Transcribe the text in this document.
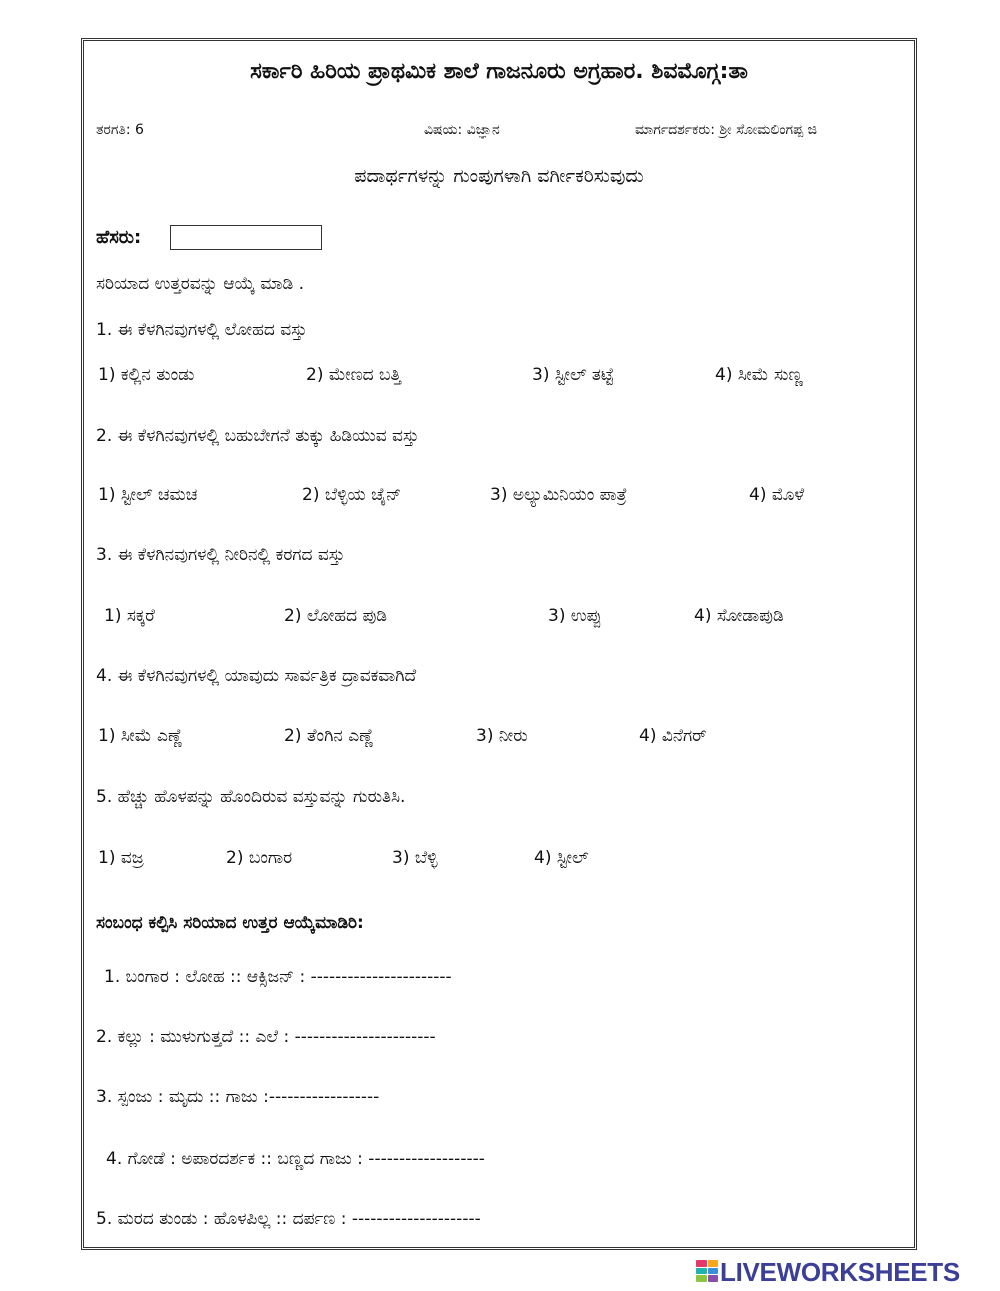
ಸರ್ಕಾರಿ ಹಿರಿಯ ಪ್ರಾಥಮಿಕ ಶಾಲೆ ಗಾಜನೂರು ಅಗ್ರಹಾರ. ಶಿವಮೊಗ್ಗ:ತಾ
ತರಗತಿ: 6	ವಿಷಯ: ವಿಜ್ಞಾನ	ಮಾರ್ಗದರ್ಶಕರು: ಶ್ರೀ ಸೋಮಲಿಂಗಪ್ಪ ಜಿ
ಪದಾರ್ಥಗಳನ್ನು ಗುಂಪುಗಳಾಗಿ ವರ್ಗೀಕರಿಸುವುದು
ಹೆಸರು:
ಸರಿಯಾದ ಉತ್ತರವನ್ನು ಆಯ್ಕೆ ಮಾಡಿ .
1. ಈ ಕೆಳಗಿನವುಗಳಲ್ಲಿ ಲೋಹದ ವಸ್ತು
1) ಕಲ್ಲಿನ ತುಂಡು	2) ಮೇಣದ ಬತ್ತಿ	3) ಸ್ಟೀಲ್ ತಟ್ಟೆ	4) ಸೀಮೆ ಸುಣ್ಣ
2. ಈ ಕೆಳಗಿನವುಗಳಲ್ಲಿ ಬಹುಬೇಗನೆ ತುಕ್ಕು ಹಿಡಿಯುವ ವಸ್ತು
1) ಸ್ಟೀಲ್ ಚಮಚ	2) ಬೆಳ್ಳಿಯ ಚೈನ್	3) ಅಲ್ಯುಮಿನಿಯಂ ಪಾತ್ರೆ	4) ಮೊಳೆ
3. ಈ ಕೆಳಗಿನವುಗಳಲ್ಲಿ ನೀರಿನಲ್ಲಿ ಕರಗದ ವಸ್ತು
1) ಸಕ್ಕರೆ	2) ಲೋಹದ ಪುಡಿ	3) ಉಪ್ಪು	4) ಸೋಡಾಪುಡಿ
4. ಈ ಕೆಳಗಿನವುಗಳಲ್ಲಿ ಯಾವುದು ಸಾರ್ವತ್ರಿಕ ದ್ರಾವಕವಾಗಿದೆ
1) ಸೀಮೆ ಎಣ್ಣೆ	2) ತೆಂಗಿನ ಎಣ್ಣೆ	3) ನೀರು	4) ವಿನೆಗರ್
5. ಹೆಚ್ಚು ಹೊಳಪನ್ನು ಹೊಂದಿರುವ ವಸ್ತುವನ್ನು ಗುರುತಿಸಿ.
1) ವಜ್ರ	2) ಬಂಗಾರ	3) ಬೆಳ್ಳಿ	4) ಸ್ಟೀಲ್
ಸಂಬಂಧ ಕಲ್ಪಿಸಿ ಸರಿಯಾದ ಉತ್ತರ ಆಯ್ಕೆಮಾಡಿರಿ:
1. ಬಂಗಾರ : ಲೋಹ :: ಆಕ್ಸಿಜನ್ : -----------------------
2. ಕಲ್ಲು : ಮುಳುಗುತ್ತದೆ :: ಎಲೆ : -----------------------
3. ಸ್ಪಂಜು : ಮೃದು :: ಗಾಜು :------------------
4. ಗೋಡೆ : ಅಪಾರದರ್ಶಕ :: ಬಣ್ಣದ ಗಾಜು : -------------------
5. ಮರದ ತುಂಡು : ಹೊಳಪಿಲ್ಲ :: ದರ್ಪಣ : ---------------------
LIVEWORKSHEETS
